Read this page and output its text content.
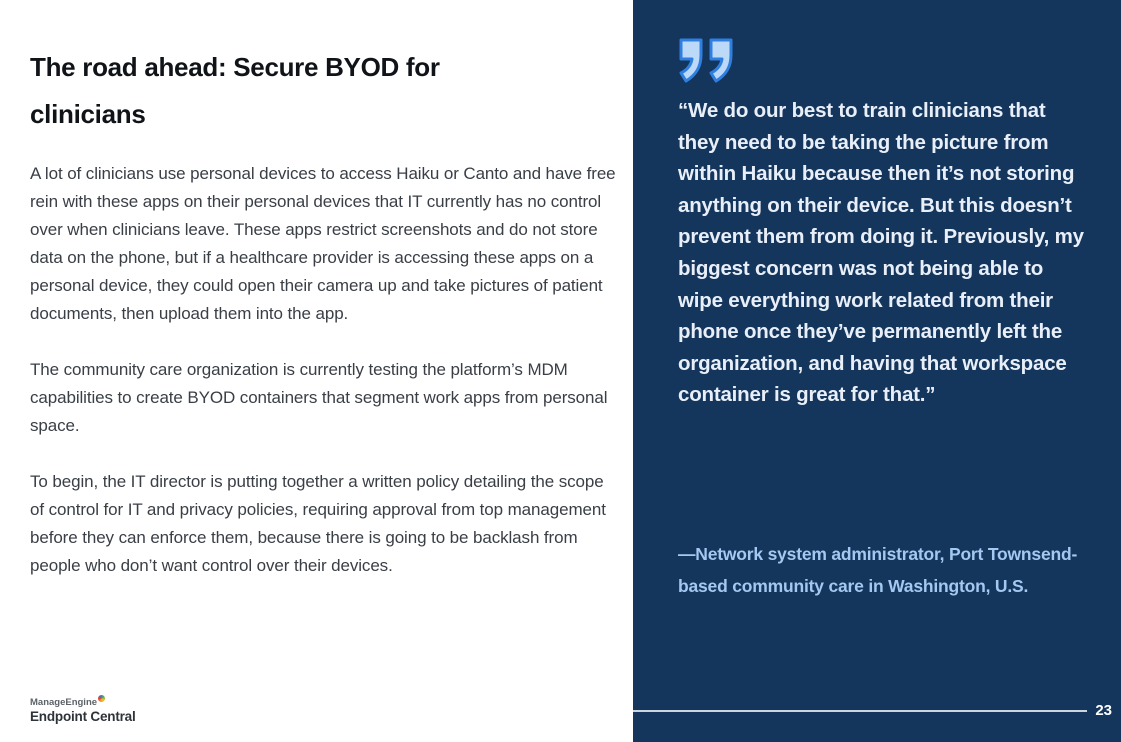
The road ahead: Secure BYOD for clinicians

A lot of clinicians use personal devices to access Haiku or Canto and have free rein with these apps on their personal devices that IT currently has no control over when clinicians leave. These apps restrict screenshots and do not store data on the phone, but if a healthcare provider is accessing these apps on a personal device, they could open their camera up and take pictures of patient documents, then upload them into the app.

The community care organization is currently testing the platform’s MDM capabilities to create BYOD containers that segment work apps from personal space.

To begin, the IT director is putting together a written policy detailing the scope of control for IT and privacy policies, requiring approval from top management before they can enforce them, because there is going to be backlash from people who don’t want control over their devices.

ManageEngine
Endpoint Central
“We do our best to train clinicians that they need to be taking the picture from within Haiku because then it’s not storing anything on their device. But this doesn’t prevent them from doing it. Previously, my biggest concern was not being able to wipe everything work related from their phone once they’ve permanently left the organization, and having that workspace container is great for that.”
—Network system administrator, Port Townsend-based community care in Washington, U.S.
23
